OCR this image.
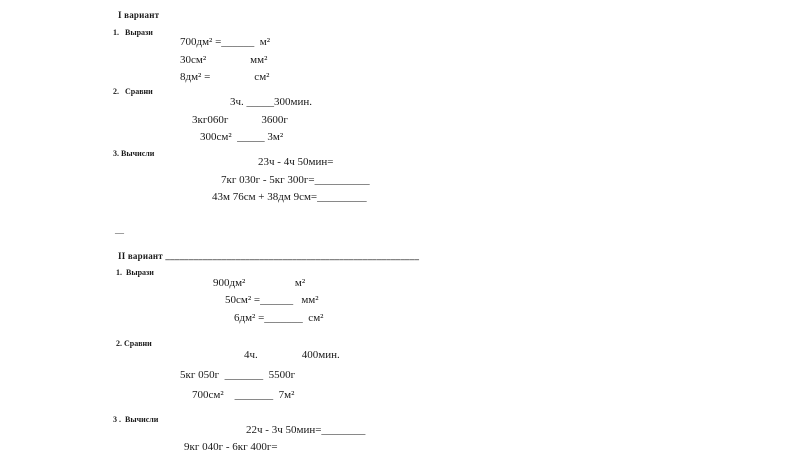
I вариант
1.   Вырази
700дм² =______  м²
30см²                мм²
8дм² =                см²
2.   Сравни
3ч. _____300мин.
3кг060г            3600г
300см²  _____ 3м²
3. Вычисли
23ч - 4ч 50мин=
7кг 030г - 5кг 300г=__________
43м 76см + 38дм 9см=_________
__
II вариант ______________________________________________________
1.  Вырази
900дм²                  м²
50см² =______   мм²
6дм² =_______  см²
2. Сравни
4ч.                400мин.
5кг 050г  _______  5500г
700см²    _______  7м²
3 .  Вычисли
22ч - 3ч 50мин=________
9кг 040г - 6кг 400г=
